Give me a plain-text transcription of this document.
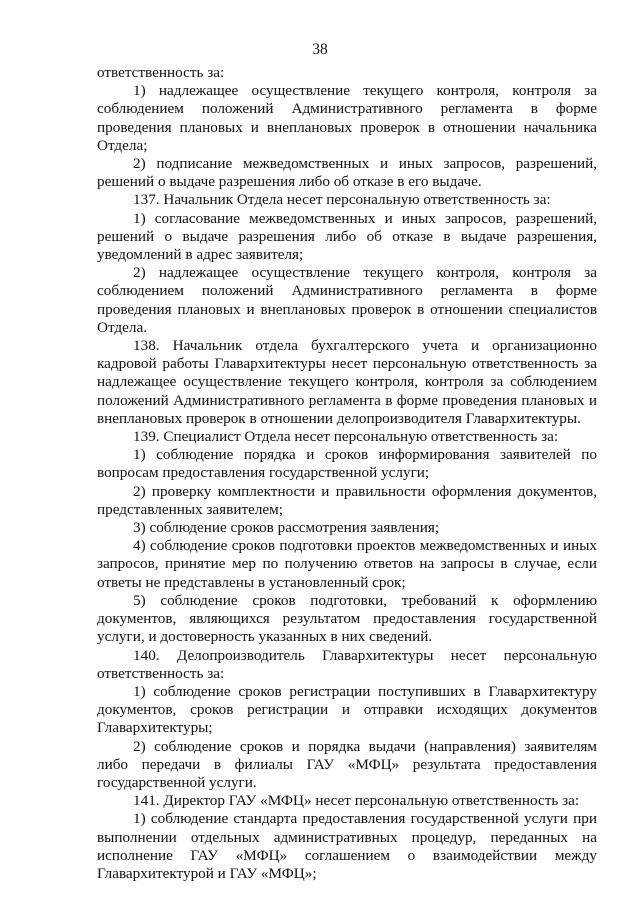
38

ответственность за:

1) надлежащее осуществление текущего контроля, контроля за соблюдением положений Административного регламента в форме проведения плановых и внеплановых проверок в отношении начальника Отдела;

2) подписание межведомственных и иных запросов, разрешений, решений о выдаче разрешения либо об отказе в его выдаче.

137. Начальник Отдела несет персональную ответственность за:

1) согласование межведомственных и иных запросов, разрешений, решений о выдаче разрешения либо об отказе в выдаче разрешения, уведомлений в адрес заявителя;

2) надлежащее осуществление текущего контроля, контроля за соблюдением положений Административного регламента в форме проведения плановых и внеплановых проверок в отношении специалистов Отдела.

138. Начальник отдела бухгалтерского учета и организационно кадровой работы Главархитектуры несет персональную ответственность за надлежащее осуществление текущего контроля, контроля за соблюдением положений Административного регламента в форме проведения плановых и внеплановых проверок в отношении делопроизводителя Главархитектуры.

139. Специалист Отдела несет персональную ответственность за:

1) соблюдение порядка и сроков информирования заявителей по вопросам предоставления государственной услуги;

2) проверку комплектности и правильности оформления документов, представленных заявителем;

3) соблюдение сроков рассмотрения заявления;

4) соблюдение сроков подготовки проектов межведомственных и иных запросов, принятие мер по получению ответов на запросы в случае, если ответы не представлены в установленный срок;

5) соблюдение сроков подготовки, требований к оформлению документов, являющихся результатом предоставления государственной услуги, и достоверность указанных в них сведений.

140. Делопроизводитель Главархитектуры несет персональную ответственность за:

1) соблюдение сроков регистрации поступивших в Главархитектуру документов, сроков регистрации и отправки исходящих документов Главархитектуры;

2) соблюдение сроков и порядка выдачи (направления) заявителям либо передачи в филиалы ГАУ «МФЦ» результата предоставления государственной услуги.

141. Директор ГАУ «МФЦ» несет персональную ответственность за:

1) соблюдение стандарта предоставления государственной услуги при выполнении отдельных административных процедур, переданных на исполнение ГАУ «МФЦ» соглашением о взаимодействии между Главархитектурой и ГАУ «МФЦ»;
